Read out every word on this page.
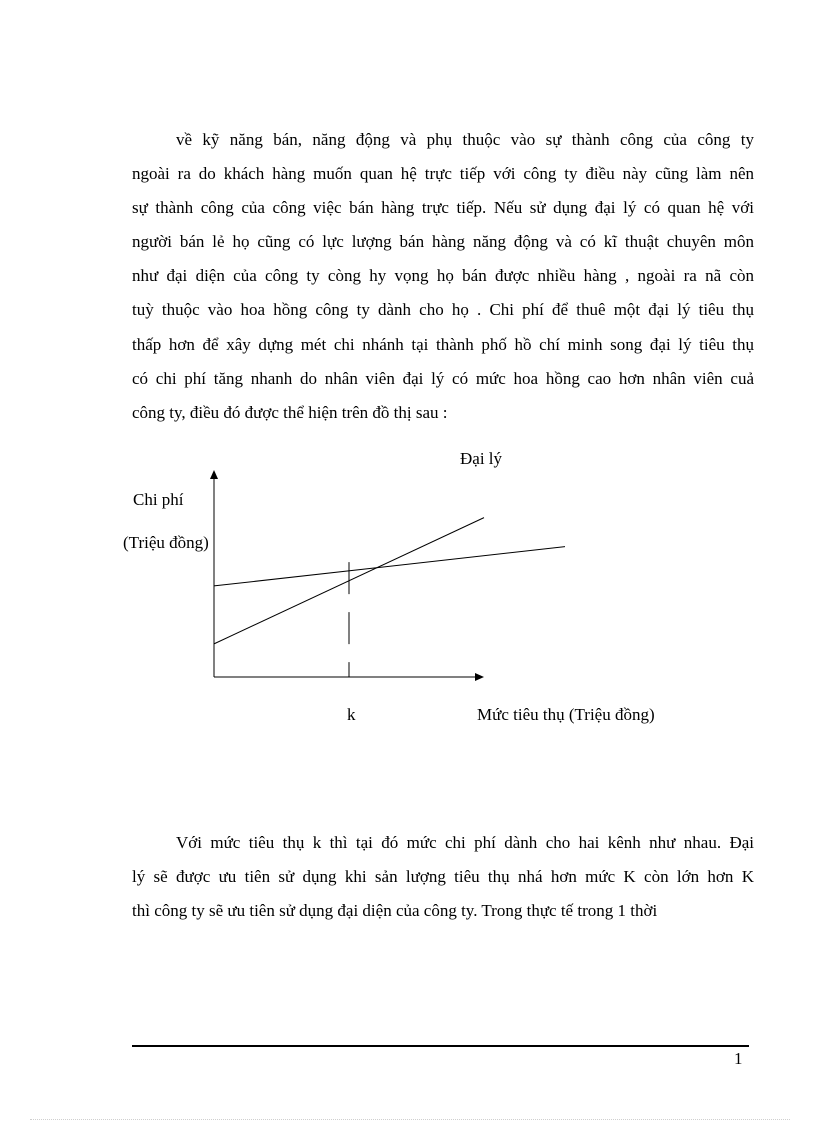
về kỹ năng bán, năng động và phụ thuộc vào sự thành công của công ty
ngoài ra do khách hàng muốn quan hệ trực tiếp với công ty điều này cũng làm nên
sự thành công của công việc bán hàng trực tiếp. Nếu sử dụng đại lý có quan hệ với
người bán lẻ họ cũng có lực lượng bán hàng năng động và có kĩ thuật chuyên môn
như đại diện của công ty còng hy vọng họ bán được nhiều hàng , ngoài ra nã còn
tuỳ thuộc vào hoa hồng công ty dành cho họ . Chi phí để thuê một đại lý tiêu thụ
thấp hơn để xây dựng mét chi nhánh tại thành phố hồ chí minh song đại lý tiêu thụ
có chi phí tăng nhanh do nhân viên đại lý có mức hoa hồng cao hơn nhân viên cuả
công ty, điều đó được thể hiện trên đồ thị sau :
Chi phí
(Triệu đồng)
Đại lý
k	Mức tiêu thụ (Triệu đồng)
Với mức tiêu thụ k thì tại đó mức chi phí dành cho hai kênh như nhau. Đại
lý sẽ được ưu tiên sử dụng khi sản lượng tiêu thụ nhá hơn mức K còn lớn hơn K
thì công ty sẽ ưu tiên sử dụng đại diện của công ty. Trong thực tế trong 1 thời
1
